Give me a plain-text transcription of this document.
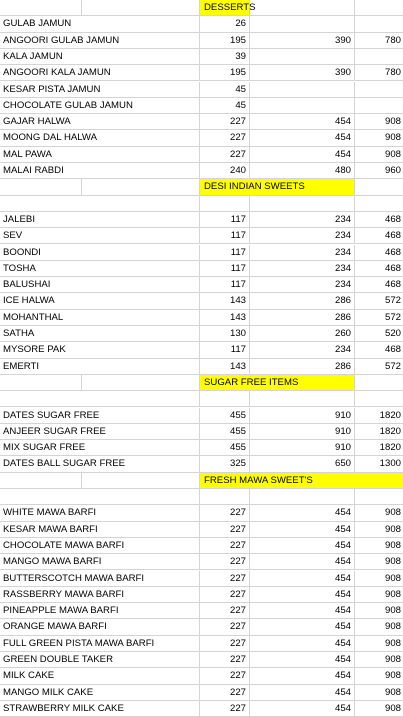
DESSERTS
GULAB JAMUN	26
ANGOORI GULAB JAMUN	195	390	780
KALA JAMUN	39
ANGOORI KALA JAMUN	195	390	780
KESAR PISTA JAMUN	45
CHOCOLATE GULAB JAMUN	45
GAJAR HALWA	227	454	908
MOONG DAL HALWA	227	454	908
MAL PAWA	227	454	908
MALAI RABDI	240	480	960
DESI INDIAN SWEETS
JALEBI	117	234	468
SEV	117	234	468
BOONDI	117	234	468
TOSHA	117	234	468
BALUSHAI	117	234	468
ICE HALWA	143	286	572
MOHANTHAL	143	286	572
SATHA	130	260	520
MYSORE PAK	117	234	468
EMERTI	143	286	572
SUGAR FREE ITEMS
DATES SUGAR FREE	455	910	1820
ANJEER SUGAR FREE	455	910	1820
MIX SUGAR FREE	455	910	1820
DATES BALL SUGAR FREE	325	650	1300
FRESH MAWA SWEET'S
WHITE MAWA BARFI	227	454	908
KESAR MAWA BARFI	227	454	908
CHOCOLATE MAWA BARFI	227	454	908
MANGO MAWA BARFI	227	454	908
BUTTERSCOTCH MAWA BARFI	227	454	908
RASSBERRY MAWA BARFI	227	454	908
PINEAPPLE MAWA BARFI	227	454	908
ORANGE MAWA BARFI	227	454	908
FULL GREEN PISTA MAWA BARFI	227	454	908
GREEN DOUBLE TAKER	227	454	908
MILK CAKE	227	454	908
MANGO MILK CAKE	227	454	908
STRAWBERRY MILK CAKE	227	454	908
